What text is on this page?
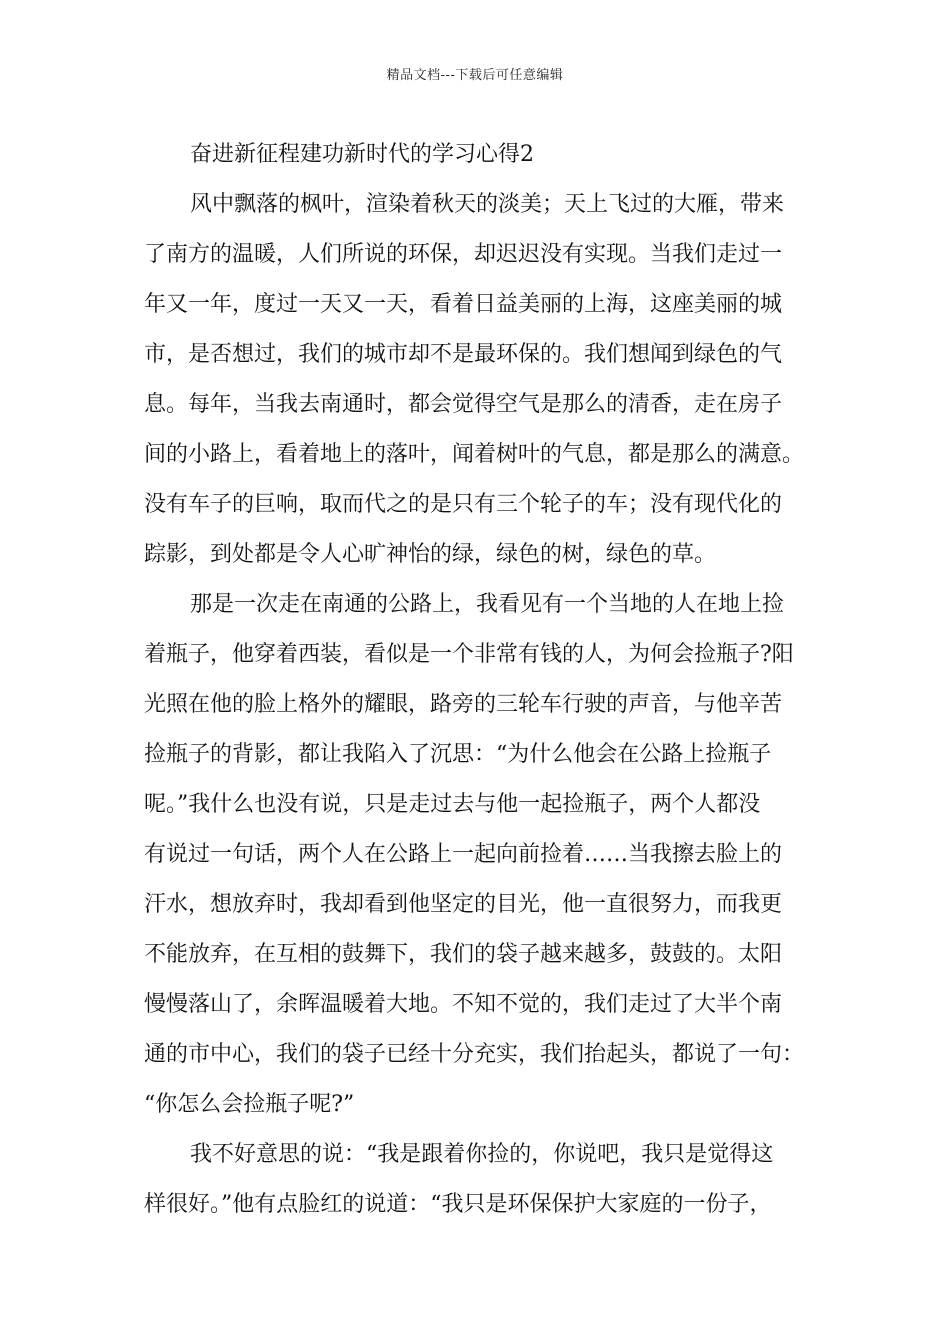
精品文档---下载后可任意编辑
奋进新征程建功新时代的学习心得2

风中飘落的枫叶，渲染着秋天的淡美；天上飞过的大雁，带来
了南方的温暖，人们所说的环保，却迟迟没有实现。当我们走过一
年又一年，度过一天又一天，看着日益美丽的上海，这座美丽的城
市，是否想过，我们的城市却不是最环保的。我们想闻到绿色的气
息。每年，当我去南通时，都会觉得空气是那么的清香，走在房子
间的小路上，看着地上的落叶，闻着树叶的气息，都是那么的满意。
没有车子的巨响，取而代之的是只有三个轮子的车；没有现代化的
踪影，到处都是令人心旷神怡的绿，绿色的树，绿色的草。

那是一次走在南通的公路上，我看见有一个当地的人在地上捡
着瓶子，他穿着西装，看似是一个非常有钱的人，为何会捡瓶子?阳
光照在他的脸上格外的耀眼，路旁的三轮车行驶的声音，与他辛苦
捡瓶子的背影，都让我陷入了沉思：“为什么他会在公路上捡瓶子
呢。”我什么也没有说，只是走过去与他一起捡瓶子，两个人都没
有说过一句话，两个人在公路上一起向前捡着……当我擦去脸上的
汗水，想放弃时，我却看到他坚定的目光，他一直很努力，而我更
不能放弃，在互相的鼓舞下，我们的袋子越来越多，鼓鼓的。太阳
慢慢落山了，余晖温暖着大地。不知不觉的，我们走过了大半个南
通的市中心，我们的袋子已经十分充实，我们抬起头，都说了一句：
“你怎么会捡瓶子呢?”

我不好意思的说：“我是跟着你捡的，你说吧，我只是觉得这
样很好。”他有点脸红的说道：“我只是环保保护大家庭的一份子，
